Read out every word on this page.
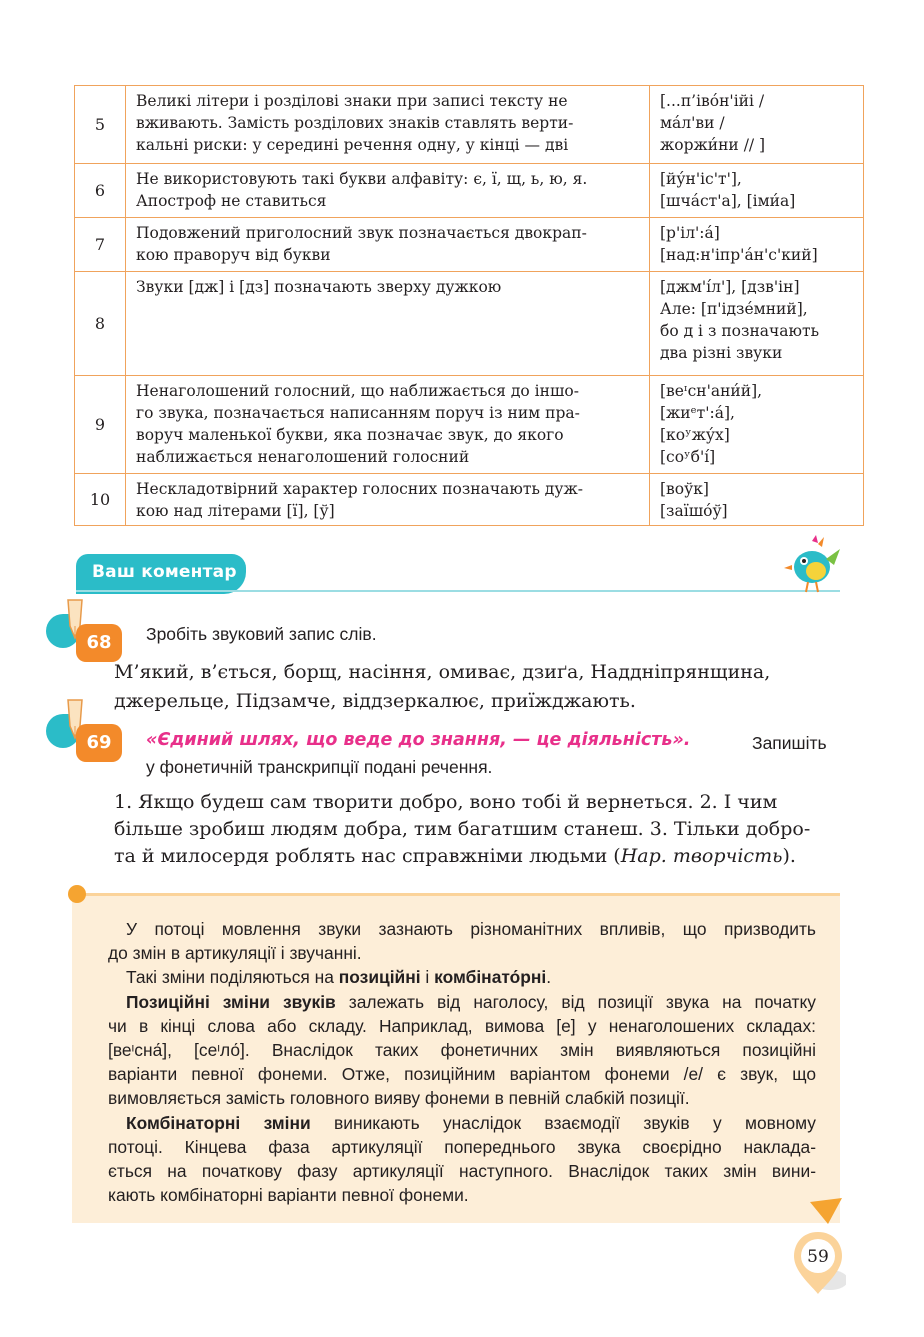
5	Великі літери і розділові знаки при записі тексту не
вживають. Замість розділових знаків ставлять верти-
кальні риски: у середині речення одну, у кінці — дві	[...п’іво́н'ійі /
ма́л'ви /
жоржи́ни // ]

6	Не використовують такі букви алфавіту: є, ї, щ, ь, ю, я.
Апостроф не ставиться	[йу́н'іс'т'],
[шча́ст'а], [іми́а]

7	Подовжений приголосний звук позначається двокрап-
кою праворуч від букви	[р'іл':а́]
[над:н'іпр'а́н'с'кий]

8	Звуки [дж] і [дз] позначають зверху дужкою	[джм'і́л'], [дзв'ін]
Але: [п'ідзе́мний],
бо д і з позначають
два різні звуки

9	Ненаголошений голосний, що наближається до іншо-
го звука, позначається написанням поруч із ним пра-
воруч маленької букви, яка позначає звук, до якого
наближається ненаголошений голосний	[веᶦсн'ани́й],
[жиᵉт':а́],
[коʸжу́х]
[соʸб'і́]

10	Нескладотвірний характер голосних позначають дуж-
кою над літерами [ї], [ў]	[воўк]
[заїшо́ў]
Ваш коментар
68	Зробіть звуковий запис слів.
М’який, в’ється, борщ, насіння, омиває, дзиґа, Наддніпрянщина,
джерельце, Підзамче, віддзеркалює, приїжджають.
69	«Єдиний шлях, що веде до знання, — це діяльність».	Запишіть
у фонетичній транскрипції подані речення.
1. Якщо будеш сам творити добро, воно тобі й вернеться. 2. І чим
більше зробиш людям добра, тим багатшим станеш. 3. Тільки добро-
та й милосердя роблять нас справжніми людьми (Нар. творчість).
У потоці мовлення звуки зазнають різноманітних впливів, що призводить
до змін в артикуляції і звучанні.
Такі зміни поділяються на позиційні і комбінато́рні.
Позиційні зміни звуків залежать від наголосу, від позиції звука на початку
чи в кінці слова або складу. Наприклад, вимова [е] у ненаголошених складах:
[веᶦсна́], [сеᶦло́]. Внаслідок таких фонетичних змін виявляються позиційні
варіанти певної фонеми. Отже, позиційним варіантом фонеми /е/ є звук, що
вимовляється замість головного вияву фонеми в певній слабкій позиції.
Комбінаторні зміни виникають унаслідок взаємодії звуків у мовному
потоці. Кінцева фаза артикуляції попереднього звука своєрідно наклада-
ється на початкову фазу артикуляції наступного. Внаслідок таких змін вини-
кають комбінаторні варіанти певної фонеми.
59
